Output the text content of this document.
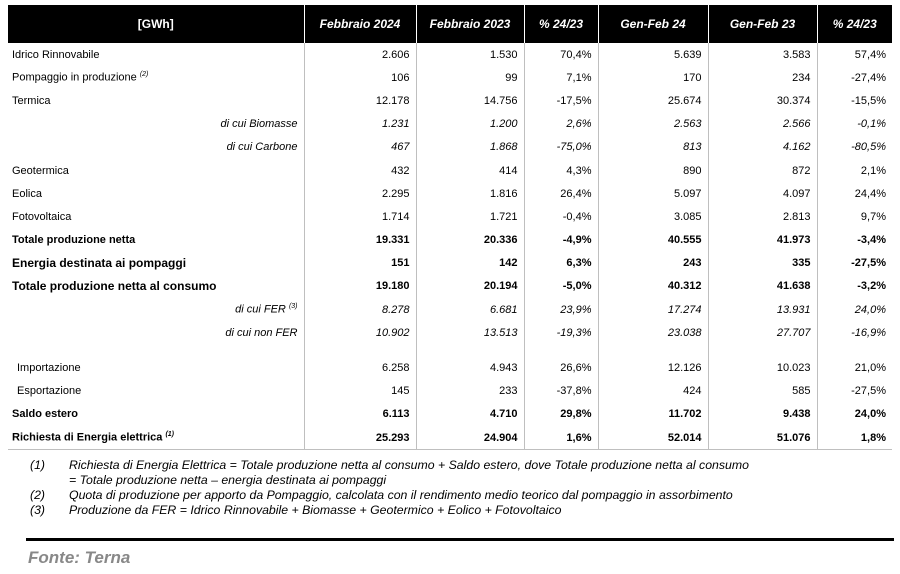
[GWh]	Febbraio 2024	Febbraio 2023	% 24/23	Gen-Feb 24	Gen-Feb 23	% 24/23
Idrico Rinnovabile	2.606	1.530	70,4%	5.639	3.583	57,4%
Pompaggio in produzione $^{(2)}$	106	99	7,1%	170	234	-27,4%
Termica	12.178	14.756	-17,5%	25.674	30.374	-15,5%
di cui Biomasse	1.231	1.200	2,6%	2.563	2.566	-0,1%
di cui Carbone	467	1.868	-75,0%	813	4.162	-80,5%
Geotermica	432	414	4,3%	890	872	2,1%
Eolica	2.295	1.816	26,4%	5.097	4.097	24,4%
Fotovoltaica	1.714	1.721	-0,4%	3.085	2.813	9,7%
Totale produzione netta	19.331	20.336	-4,9%	40.555	41.973	-3,4%
Energia destinata ai pompaggi	151	142	6,3%	243	335	-27,5%
Totale produzione netta al consumo	19.180	20.194	-5,0%	40.312	41.638	-3,2%
di cui FER $^{(3)}$	8.278	6.681	23,9%	17.274	13.931	24,0%
di cui non FER	10.902	13.513	-19,3%	23.038	27.707	-16,9%

Importazione	6.258	4.943	26,6%	12.126	10.023	21,0%
Esportazione	145	233	-37,8%	424	585	-27,5%
Saldo estero	6.113	4.710	29,8%	11.702	9.438	24,0%
Richiesta di Energia elettrica $^{(1)}$	25.293	24.904	1,6%	52.014	51.076	1,8%
(1)	Richiesta di Energia Elettrica = Totale produzione netta al consumo + Saldo estero, dove Totale produzione netta al consumo
= Totale produzione netta – energia destinata ai pompaggi
(2)	Quota di produzione per apporto da Pompaggio, calcolata con il rendimento medio teorico dal pompaggio in assorbimento
(3)	Produzione da FER = Idrico Rinnovabile + Biomasse + Geotermico + Eolico + Fotovoltaico
Fonte: Terna
